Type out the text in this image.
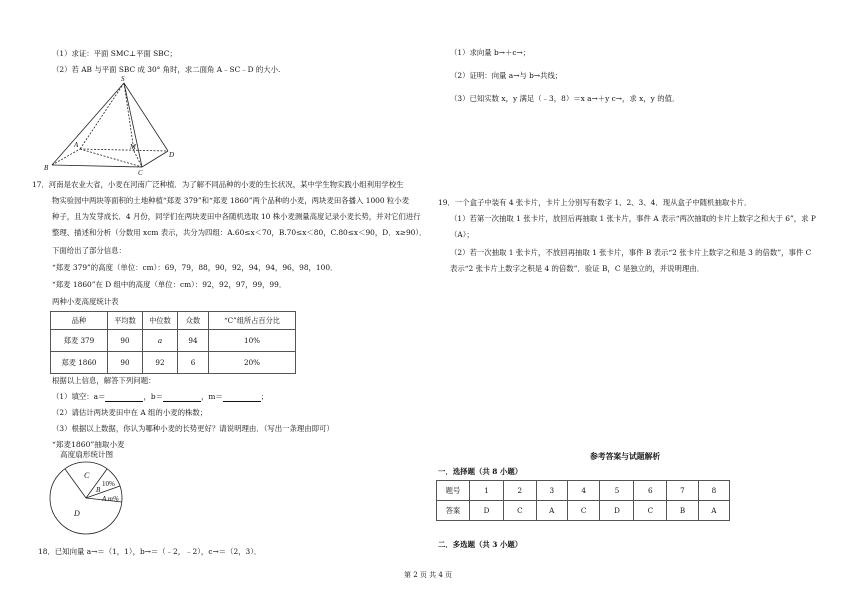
（1）求证：平面 SMC⊥平面 SBC；
（2）若 AB 与平面 SBC 成 30° 角时，求二面角 A﹣SC﹣D 的大小.
S
A	M
B
C
D
17．河南是农业大省，小麦在河南广泛种植．为了解不同品种的小麦的生长状况，某中学生物实践小组利用学校生
物实验园中两块等面积的土地种植“郑麦 379”和“郑麦 1860”两个品种的小麦，两块麦田各播入 1000 粒小麦
种子，且为发芽成长．4 月份，同学们在两块麦田中各随机选取 10 株小麦测量高度记录小麦长势，并对它们进行
整理、描述和分析（分数用 xcm 表示，共分为四组：A.60≤x＜70，B.70≤x＜80，C.80≤x＜90，D．x≥90）．
下面给出了部分信息：
“郑麦 379”的高度（单位：cm）：69，79，88，90，92，94，94，96，98，100．
“郑麦 1860”在 D 组中的高度（单位：cm）：92，92，97，99，99．
两种小麦高度统计表
品种	平均数	中位数	众数	“C”组所占百分比
郑麦 379	90	a	94	10%
郑麦 1860	90	92	6	20%
根据以上信息，解答下列问题：
（1）填空：a＝	，b＝	，m＝	；
（2）请估计两块麦田中在 A 组的小麦的株数；
（3）根据以上数据，你认为哪种小麦的长势更好？请说明理由．（写出一条理由即可）
“郑麦1860”抽取小麦
高度扇形统计图
C
10%
B
A m%
D
18．已知向量 a→＝（1，1），b→＝（﹣2，﹣2），c→＝（2，3）．
（1）求向量 b→＋c→；
（2）证明：向量 a→与 b→共线；
（3）已知实数 x，y 满足（﹣3，8）＝x a→＋y c→，求 x，y 的值．
19．一个盒子中装有 4 张卡片，卡片上分别写有数字 1、2、3、4．现从盒子中随机抽取卡片．
（1）若第一次抽取 1 张卡片，放回后再抽取 1 张卡片，事件 A 表示“两次抽取的卡片上数字之和大于 6”，求 P
（A）；
（2）若一次抽取 1 张卡片，不放回再抽取 1 张卡片，事件 B 表示“2 张卡片上数字之和是 3 的倍数”，事件 C
表示“2 张卡片上数字之积是 4 的倍数”．验证 B，C 是独立的，并说明理由．
参考答案与试题解析
一．选择题（共 8 小题）
题号	1	2	3	4	5	6	7	8
答案	D	C	A	C	D	C	B	A
二．多选题（共 3 小题）
第 2 页 共 4 页
